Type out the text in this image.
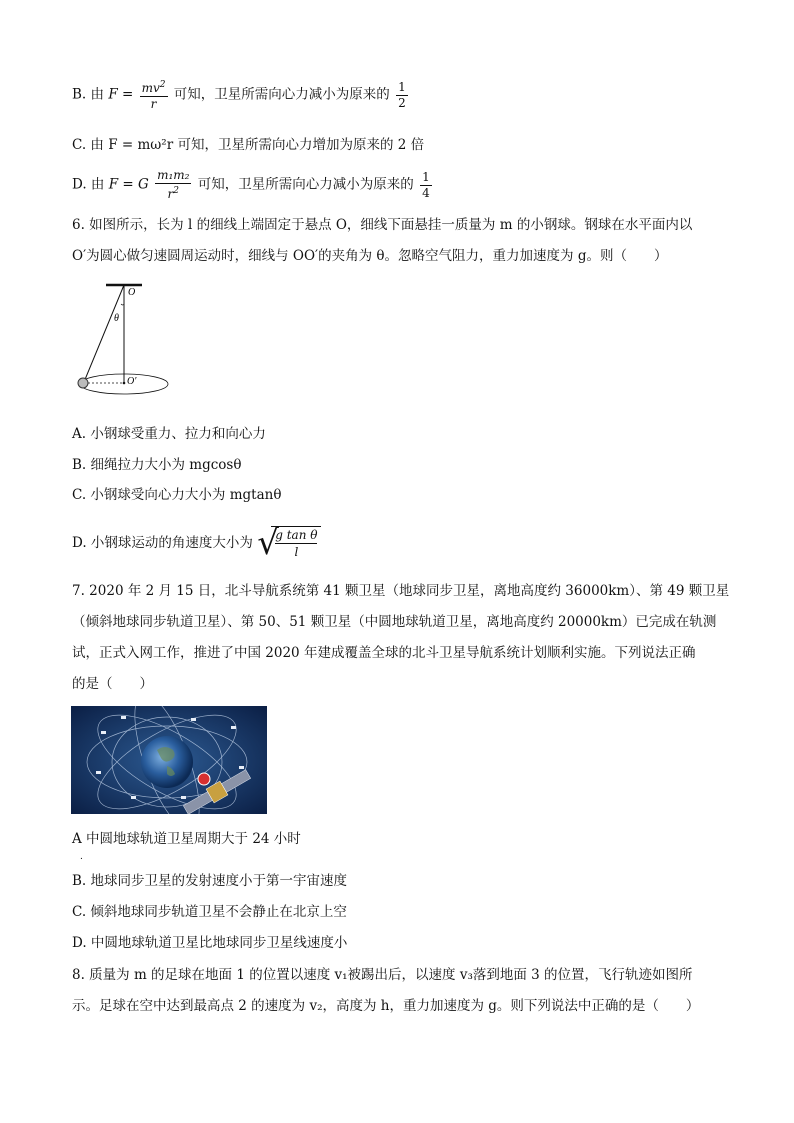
B. 由 $F = \frac{mv^2}{r}$ 可知，卫星所需向心力减小为原来的 $\frac{1}{2}$
C. 由 F = mω²r 可知，卫星所需向心力增加为原来的 2 倍
D. 由 F = G $\frac{\text{m₁m₂}}{r^2}$ 可知，卫星所需向心力减小为原来的 $\frac{1}{4}$
6. 如图所示，长为 l 的细线上端固定于悬点 O，细线下面悬挂一质量为 m 的小钢球。钢球在水平面内以
O′为圆心做匀速圆周运动时，细线与 OO′的夹角为 θ。忽略空气阻力，重力加速度为 g。则（　　）
O
θ
O′
A. 小钢球受重力、拉力和向心力
B. 细绳拉力大小为 mgcosθ
C. 小钢球受向心力大小为 mgtanθ
D. 小钢球运动的角速度大小为 √
$\frac{\text{g tan θ}}{l}$
7. 2020 年 2 月 15 日，北斗导航系统第 41 颗卫星（地球同步卫星，离地高度约 36000km）、第 49 颗卫星
（倾斜地球同步轨道卫星）、第 50、51 颗卫星（中圆地球轨道卫星，离地高度约 20000km）已完成在轨测
试，正式入网工作，推进了中国 2020 年建成覆盖全球的北斗卫星导航系统计划顺利实施。下列说法正确
的是（　　）
A 中圆地球轨道卫星周期大于 24 小时
.
B. 地球同步卫星的发射速度小于第一宇宙速度
C. 倾斜地球同步轨道卫星不会静止在北京上空
D. 中圆地球轨道卫星比地球同步卫星线速度小
8. 质量为 m 的足球在地面 1 的位置以速度 v₁被踢出后，以速度 v₃落到地面 3 的位置，飞行轨迹如图所
示。足球在空中达到最高点 2 的速度为 v₂，高度为 h，重力加速度为 g。则下列说法中正确的是（　　）
